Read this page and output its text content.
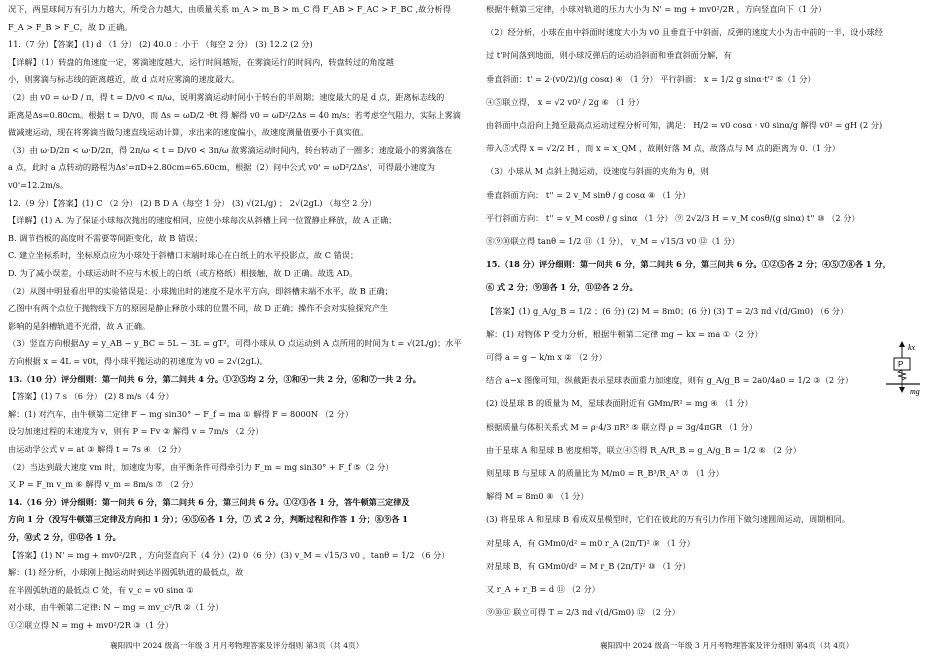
况下，两星球间万有引力力越大，所受合力越大，由质量关系 m_A > m_B > m_C 得 F_AB > F_AC > F_BC ,故分析得
F_A > F_B > F_C，故 D 正确。
11.（7 分）【答案】(1) d （1 分） (2) 40.0 ：小于 （每空 2 分） (3) 12.2 (2 分)
【详解】（1）转盘的角速度一定，雾滴速度越大，运行时间越短，在雾滴运行的时间内，转盘转过的角度越
小，则雾滴与标志线的距离越近，故 d 点对应雾滴的速度最大。
（2）由 v0 = ω·D / π，得 t = D/v0 < π/ω，说明雾滴运动时间小于转台的半周期；速度最大的是 d 点，距离标志线的
距离是Δs=0.80cm。根据 t = D/v0，而 Δs = ωD/2 ·θt 得 解得 v0 = ωD²/2Δs = 40 m/s；若考虑空气阻力，实际上雾滴
做减速运动，现在将雾滴当做匀速直线运动计算，求出来的速度偏小，故速度测量值要小于真实值。
（3）由 ω·D/2π < ω·D/2π，得 2π/ω < t = D/v0 < 3π/ω 故雾滴运动时间内，转台转动了一圈多；速度最小的雾滴落在
a 点，此时 a 点转动的路程为Δs'=πD+2.80cm=65.60cm，根据（2）问中公式 v0' = ωD²/2Δs'，可得最小速度为
v0'=12.2m/s。
12.（9 分）【答案】(1) C （2 分） (2) B D A（每空 1 分） (3) √(2L/g) ； 2√(2gL) （每空 2 分）
【详解】(1) A. 为了保证小球每次抛出的速度相同，应使小球每次从斜槽上同一位置静止释放，故 A 正确；
B. 调节挡板的高度时不需要等间距变化，故 B 错误；
C. 建立坐标系时，坐标原点应为小球处于斜槽口末端时球心在白纸上的水平投影点，故 C 错误；
D. 为了减小误差，小球运动时不应与木板上的白纸（或方格纸）相接触，故 D 正确。故选 AD。
（2）从图中明显看出甲的实验错误是：小球抛出时的速度不是水平方向，即斜槽末端不水平，故 B 正确；
乙图中有两个点位于抛物线下方的原因是静止释放小球的位置不同，故 D 正确；操作不会对实验探究产生
影响的是斜槽轨道不光滑，故 A 正确。
（3）竖直方向根据Δy = y_AB − y_BC = 5L − 3L = gT²，可得小球从 O 点运动到 A 点所用的时间为 t = √(2L/g)；水平
方向根据 x = 4L = v0t，得小球平抛运动的初速度为 v0 = 2√(2gL)。
13.（10 分）评分细则：第一问共 6 分，第二问共 4 分。①②⑤均 2 分，③和④一共 2 分，⑥和⑦一共 2 分。
【答案】(1) 7 s （6 分） (2) 8 m/s（4 分）
解：(1) 对汽车，由牛顿第二定律 F − mg sin30° − F_f = ma ① 解得 F = 8000N （2 分）
设匀加速过程的末速度为 v，则有 P = Fv ② 解得 v = 7m/s （2 分）
由运动学公式 v = at ③ 解得 t = 7s ④ （2 分）
（2）当达到最大速度 vm 时，加速度为零，由平衡条件可得牵引力 F_m = mg sin30° + F_f ⑤（2 分）
又 P = F_m v_m ⑥ 解得 v_m = 8m/s ⑦ （2 分）
14.（16 分）评分细则：第一问共 6 分，第二问共 6 分，第三问共 6 分。①②③各 1 分，答牛顿第三定律及
方向 1 分（没写牛顿第三定律及方向扣 1 分）；④⑤⑥各 1 分，⑦ 式 2 分，判断过程和作答 1 分；⑧⑨各 1
分，⑩式 2 分，⑪⑫各 1 分。
【答案】(1) N' = mg + mv0²/2R ，方向竖直向下（4 分）(2) 0（6 分）(3) v_M = √15/3 v0 ，tanθ = 1/2 （6 分）
解：(1) 经分析，小球刚上抛运动时到达半圆弧轨道的最低点，故
在半圆弧轨道的最低点 C 处，有 v_c = v0 sinα ①
对小球，由牛顿第二定律: N − mg = mv_c²/R ②（1 分）
①②联立得 N = mg + mv0²/2R ③（1 分）
根据牛顿第三定律，小球对轨道的压力大小为 N' = mg + mv0²/2R ，方向竖直向下（1 分）
（2）经分析，小球在由中斜面时速度大小为 v0 且垂直于中斜面，反弹的速度大小为击中前的一半，设小球经
过 t'时间落到地面，则小球反弹后的运动沿斜面和垂直斜面分解，有
垂直斜面：t' = 2·(v0/2)/(g cosα) ④ （1 分） 平行斜面： x = 1/2 g sinα·t'² ⑤（1 分）
④⑤联立得， x = √2 v0² / 2g ⑥ （1 分）
由斜面中点沿向上抛至最高点运动过程分析可知，满足： H/2 = v0 cosα · v0 sinα/g 解得 v0² = gH (2 分)
带入⑤式得 x = √2/2 H ，而 x = x_QM ，故刚好落 M 点，故落点与 M 点的距离为 0.（1 分）
（3）小球从 M 点斜上抛运动，设速度与斜面的夹角为 θ，则
垂直斜面方向： t'' = 2 v_M sinθ / g cosα ⑧ （1 分）
平行斜面方向： t'' = v_M cosθ / g sinα （1 分） ⑨ 2√2/3 H = v_M cosθ/(g sinα) t'' ⑩ （2 分）
⑧⑨⑩联立得 tanθ = 1/2 ⑪（1 分）， v_M = √15/3 v0 ⑫（1 分）
15.（18 分）评分细则：第一问共 6 分，第二问共 6 分，第三问共 6 分。①②⑤各 2 分；④⑤⑦⑧各 1 分，
⑥ 式 2 分；⑨⑩各 1 分，⑪⑫各 2 分。
【答案】(1) g_A/g_B = 1/2 ；(6 分) (2) M = 8m0；(6 分) (3) T = 2/3 πd √(d/Gm0) （6 分）
解：(1) 对物体 P 受力分析，根据牛顿第二定律 mg − kx = ma ①（2 分）
可得 a = g − k/m x ② （2 分）
结合 a−x 图像可知，纵截距表示星球表面重力加速度，则有 g_A/g_B = 2a0/4a0 = 1/2 ③（2 分）
(2) 设星球 B 的质量为 M，星球表面附近有 GMm/R² = mg ④ （1 分）
根据质量与体积关系式 M = ρ·4/3 πR³ ⑤ 联立得 ρ = 3g/4πGR （1 分）
由于星球 A 和星球 B 密度相等，联立④⑤得 R_A/R_B = g_A/g_B = 1/2 ⑥ （2 分）
则星球 B 与星球 A 的质量比为 M/m0 = R_B³/R_A³ ⑦ （1 分）
解得 M = 8m0 ⑧ （1 分）
(3) 将星球 A 和星球 B 看成双星模型时，它们在彼此的万有引力作用下做匀速圆周运动，周期相同。
对星球 A，有 GMm0/d² = m0 r_A (2π/T)² ⑨ （1 分）
对星球 B，有 GMm0/d² = M r_B (2π/T)² ⑩ （1 分）
又 r_A + r_B = d ⑪ （2 分）
⑨⑩⑪ 联立可得 T = 2/3 πd √(d/Gm0) ⑫ （2 分）
P
kx
mg
襄阳四中 2024 级高一年级 3 月月考物理答案及评分细则 第3页（共 4页）	襄阳四中 2024 级高一年级 3 月月考物理答案及评分细则 第4页（共 4页）
